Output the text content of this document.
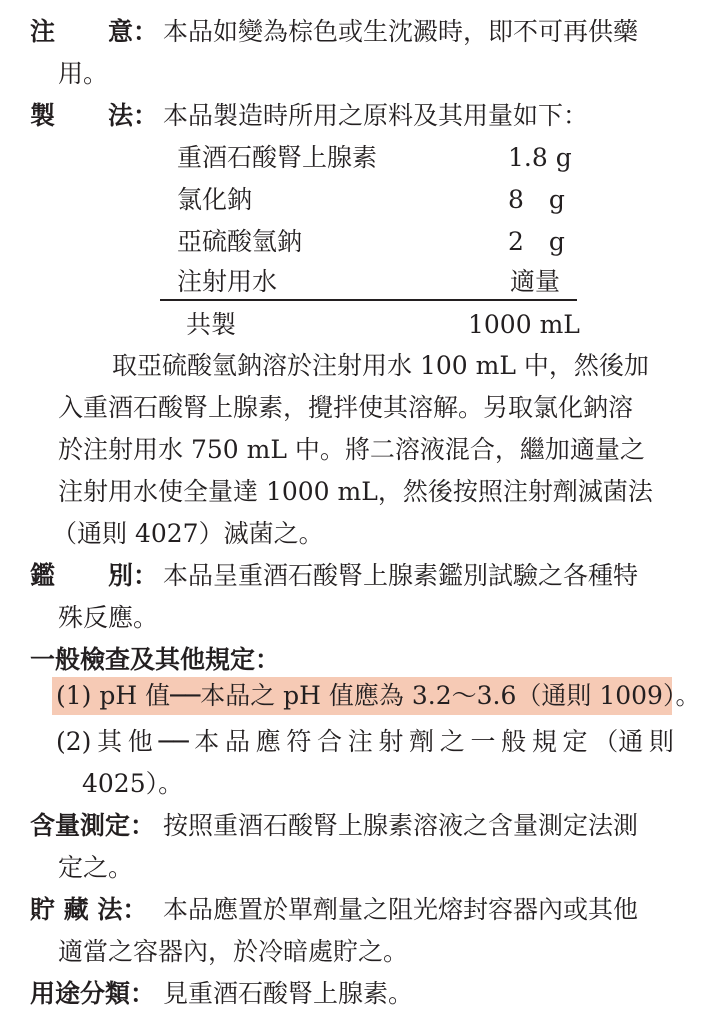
注 意： 本品如變為棕色或生沈澱時，即不可再供藥
用。
製 法： 本品製造時所用之原料及其用量如下：
重酒石酸腎上腺素	1.8 g
氯化鈉	8 g
亞硫酸氫鈉	2 g
注射用水	適量
共製	1000 mL
取亞硫酸氫鈉溶於注射用水 100 mL 中，然後加
入重酒石酸腎上腺素，攪拌使其溶解。另取氯化鈉溶
於注射用水 750 mL 中。將二溶液混合，繼加適量之
注射用水使全量達 1000 mL，然後按照注射劑滅菌法
（通則 4027）滅菌之。
鑑 別： 本品呈重酒石酸腎上腺素鑑別試驗之各種特
殊反應。
一般檢查及其他規定：
(1) pH 值──本品之 pH 值應為 3.2～3.6（通則 1009）。
(2) 其 他 ── 本 品 應 符 合 注 射 劑 之 一 般 規 定 （通 則
4025）。
含量測定： 按照重酒石酸腎上腺素溶液之含量測定法測
定之。
貯 藏 法： 本品應置於單劑量之阻光熔封容器內或其他
適當之容器內，於冷暗處貯之。
用途分類： 見重酒石酸腎上腺素。
